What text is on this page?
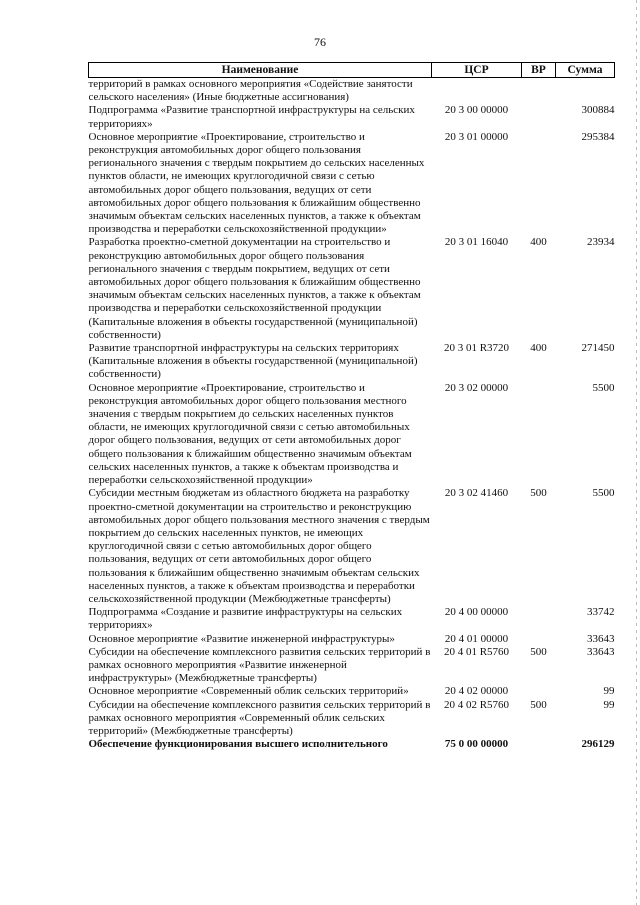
76
Наименование	ЦСР	ВР	Сумма
территорий в рамках основного мероприятия «Содействие занятости сельского населения» (Иные бюджетные ассигнования)			
Подпрограмма «Развитие транспортной инфраструктуры на сельских территориях»	20 3 00 00000		300884
Основное мероприятие «Проектирование, строительство и реконструкция автомобильных дорог общего пользования регионального значения с твердым покрытием до сельских населенных пунктов области, не имеющих круглогодичной связи с сетью автомобильных дорог общего пользования, ведущих от сети автомобильных дорог общего пользования к ближайшим общественно значимым объектам сельских населенных пунктов, а также к объектам производства и переработки сельскохозяйственной продукции»	20 3 01 00000		295384
Разработка проектно-сметной документации на строительство и реконструкцию автомобильных дорог общего пользования регионального значения с твердым покрытием, ведущих от сети автомобильных дорог общего пользования к ближайшим общественно значимым объектам сельских населенных пунктов, а также к объектам производства и переработки сельскохозяйственной продукции (Капитальные вложения в объекты государственной (муниципальной) собственности)	20 3 01 16040	400	23934
Развитие транспортной инфраструктуры на сельских территориях (Капитальные вложения в объекты государственной (муниципальной) собственности)	20 3 01 R3720	400	271450
Основное мероприятие «Проектирование, строительство и реконструкция автомобильных дорог общего пользования местного значения с твердым покрытием до сельских населенных пунктов области, не имеющих круглогодичной связи с сетью автомобильных дорог общего пользования, ведущих от сети автомобильных дорог общего пользования к ближайшим общественно значимым объектам сельских населенных пунктов, а также к объектам производства и переработки сельскохозяйственной продукции»	20 3 02 00000		5500
Субсидии местным бюджетам из областного бюджета на разработку проектно-сметной документации на строительство и реконструкцию автомобильных дорог общего пользования местного значения с твердым покрытием до сельских населенных пунктов, не имеющих круглогодичной связи с сетью автомобильных дорог общего пользования, ведущих от сети автомобильных дорог общего пользования к ближайшим общественно значимым объектам сельских населенных пунктов, а также к объектам производства и переработки сельскохозяйственной продукции (Межбюджетные трансферты)	20 3 02 41460	500	5500
Подпрограмма «Создание и развитие инфраструктуры на сельских территориях»	20 4 00 00000		33742
Основное мероприятие «Развитие инженерной инфраструктуры»	20 4 01 00000		33643
Субсидии на обеспечение комплексного развития сельских территорий в рамках основного мероприятия «Развитие инженерной инфраструктуры» (Межбюджетные трансферты)	20 4 01 R5760	500	33643
Основное мероприятие «Современный облик сельских территорий»	20 4 02 00000		99
Субсидии на обеспечение комплексного развития сельских территорий в рамках основного мероприятия «Современный облик сельских территорий» (Межбюджетные трансферты)	20 4 02 R5760	500	99
Обеспечение функционирования высшего исполнительного	75 0 00 00000		296129
